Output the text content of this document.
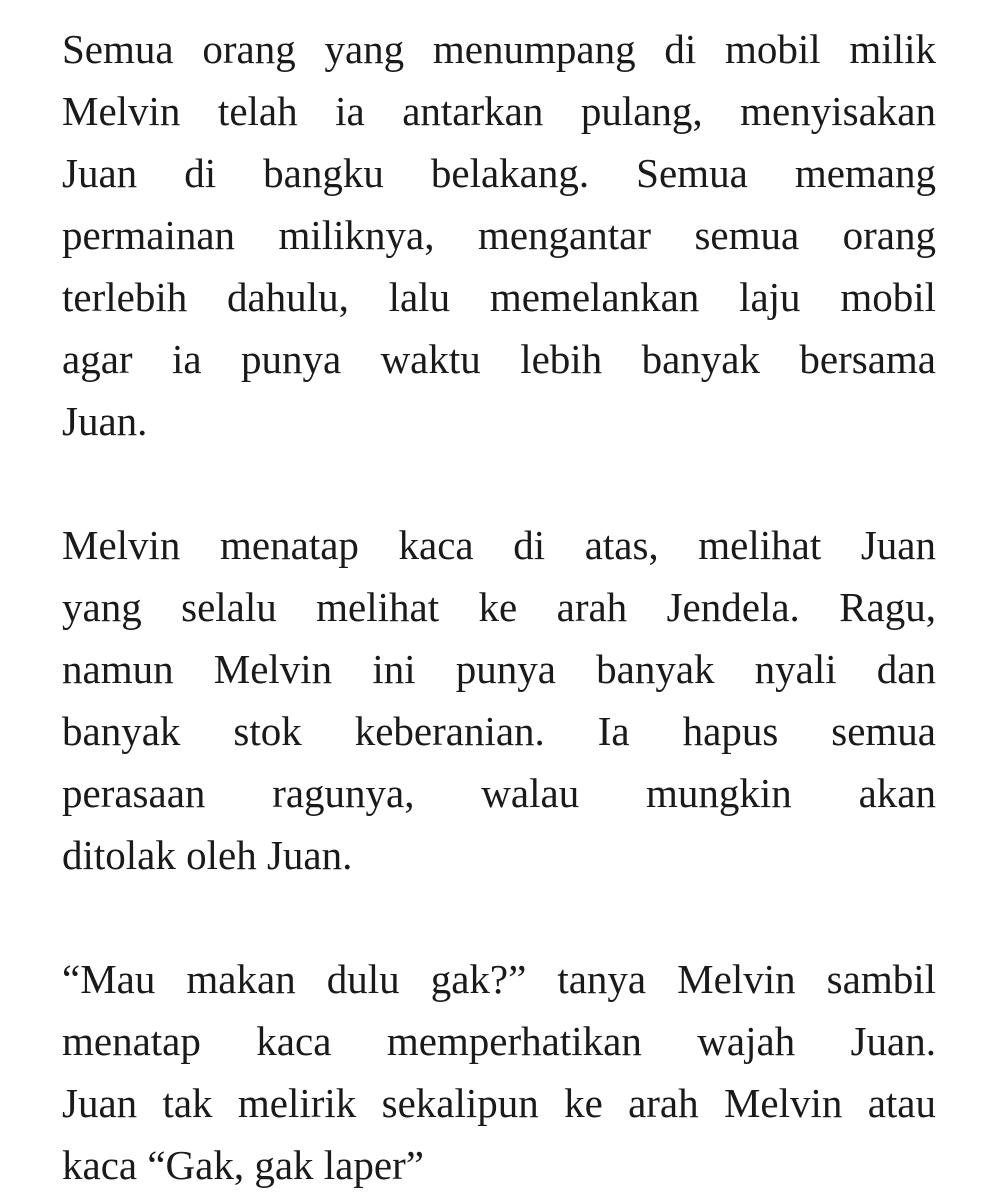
Semua orang yang menumpang di mobil milik
Melvin telah ia antarkan pulang, menyisakan
Juan di bangku belakang. Semua memang
permainan miliknya, mengantar semua orang
terlebih dahulu, lalu memelankan laju mobil
agar ia punya waktu lebih banyak bersama
Juan.

Melvin menatap kaca di atas, melihat Juan
yang selalu melihat ke arah Jendela. Ragu,
namun Melvin ini punya banyak nyali dan
banyak stok keberanian. Ia hapus semua
perasaan ragunya, walau mungkin akan
ditolak oleh Juan.

“Mau makan dulu gak?” tanya Melvin sambil
menatap kaca memperhatikan wajah Juan.
Juan tak melirik sekalipun ke arah Melvin atau
kaca “Gak, gak laper”
